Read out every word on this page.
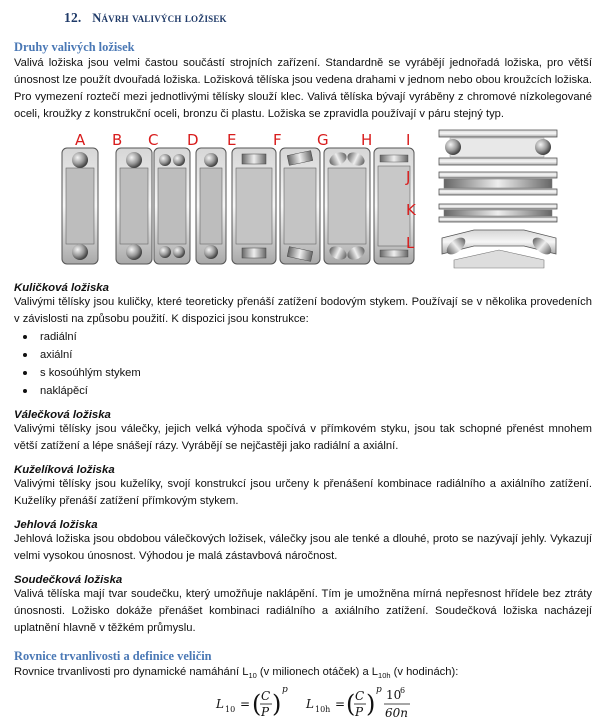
12. Návrh valivých ložisek
Druhy valivých ložisek

Valivá ložiska jsou velmi častou součástí strojních zařízení. Standardně se vyrábějí jednořadá ložiska, pro větší únosnost lze použít dvouřadá ložiska. Ložisková tělíska jsou vedena drahami v jednom nebo obou kroužcích ložiska. Pro vymezení roztečí mezi jednotlivými tělísky slouží klec. Valivá tělíska bývají vyráběny z chromové nízkolegované oceli, kroužky z konstrukční oceli, bronzu či plastu. Ložiska se zpravidla používají v páru stejný typ.

A B C D E F G H I
J
K
L
Kuličková ložiska

Valivými tělísky jsou kuličky, které teoreticky přenáší zatížení bodovým stykem. Používají se v několika provedeních v závislosti na způsobu použití. K dispozici jsou konstrukce:

radiální
axiální
s kosoúhlým stykem
naklápěcí
Válečková ložiska

Valivými tělísky jsou válečky, jejich velká výhoda spočívá v přímkovém styku, jsou tak schopné přenést mnohem větší zatížení a lépe snášejí rázy. Vyrábějí se nejčastěji jako radiální a axiální.

Kuželíková ložiska

Valivými tělísky jsou kuželíky, svojí konstrukcí jsou určeny k přenášení kombinace radiálního a axiálního zatížení. Kuželíky přenáší zatížení přímkovým stykem.

Jehlová ložiska

Jehlová ložiska jsou obdobou válečkových ložisek, válečky jsou ale tenké a dlouhé, proto se nazývají jehly. Vykazují velmi vysokou únosnost. Výhodou je malá zástavbová náročnost.

Soudečková ložiska

Valivá tělíska mají tvar soudečku, který umožňuje naklápění. Tím je umožněna mírná nepřesnost hřídele bez ztráty únosnosti. Ložisko dokáže přenášet kombinaci radiálního a axiálního zatížení. Soudečková ložiska nacházejí uplatnění hlavně v těžkém průmyslu.

Rovnice trvanlivosti a definice veličin

Rovnice trvanlivosti pro dynamické namáhání $L_{10}$ (v milionech otáček) a $L_{10h}$ (v hodinách):

L 10 = ( C
P ) p
L 10h = ( C
P ) p 10
6
60n
